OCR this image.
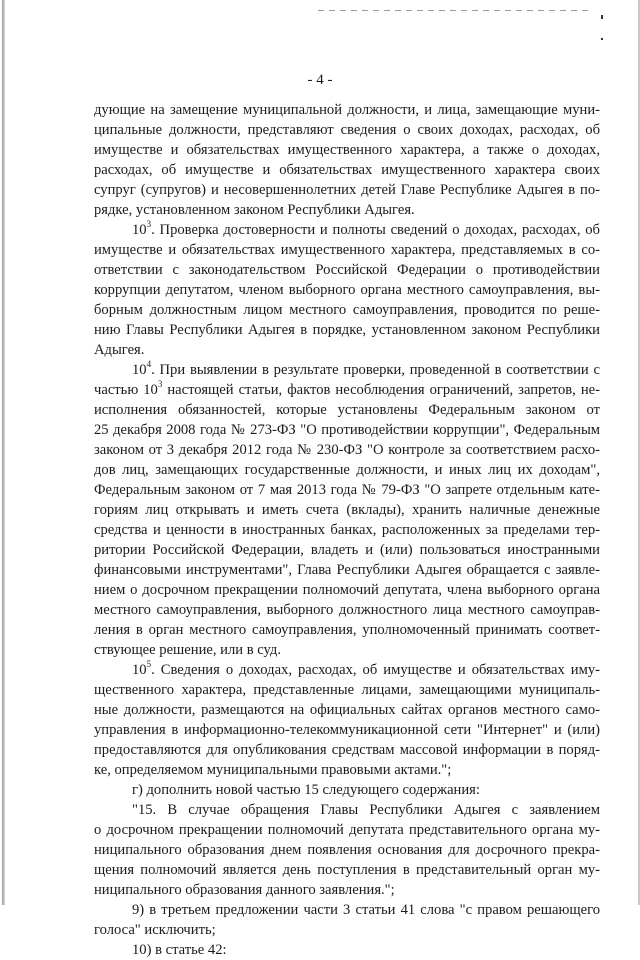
- 4 -
дующие на замещение муниципальной должности, и лица, замещающие муни-
ципальные должности, представляют сведения о своих доходах, расходах, об
имуществе и обязательствах имущественного характера, а также о доходах,
расходах, об имуществе и обязательствах имущественного характера своих
супруг (супругов) и несовершеннолетних детей Главе Республике Адыгея в по-
рядке, установленном законом Республики Адыгея.
$10^3$. Проверка достоверности и полноты сведений о доходах, расходах, об
имуществе и обязательствах имущественного характера, представляемых в со-
ответствии с законодательством Российской Федерации о противодействии
коррупции депутатом, членом выборного органа местного самоуправления, вы-
борным должностным лицом местного самоуправления, проводится по реше-
нию Главы Республики Адыгея в порядке, установленном законом Республики
Адыгея.
$10^4$. При выявлении в результате проверки, проведенной в соответствии с
частью $10^3$ настоящей статьи, фактов несоблюдения ограничений, запретов, не-
исполнения обязанностей, которые установлены Федеральным законом от
25 декабря 2008 года № 273-ФЗ "О противодействии коррупции", Федеральным
законом от 3 декабря 2012 года № 230-ФЗ "О контроле за соответствием расхо-
дов лиц, замещающих государственные должности, и иных лиц их доходам",
Федеральным законом от 7 мая 2013 года № 79-ФЗ "О запрете отдельным кате-
гориям лиц открывать и иметь счета (вклады), хранить наличные денежные
средства и ценности в иностранных банках, расположенных за пределами тер-
ритории Российской Федерации, владеть и (или) пользоваться иностранными
финансовыми инструментами", Глава Республики Адыгея обращается с заявле-
нием о досрочном прекращении полномочий депутата, члена выборного органа
местного самоуправления, выборного должностного лица местного самоуправ-
ления в орган местного самоуправления, уполномоченный принимать соответ-
ствующее решение, или в суд.
$10^5$. Сведения о доходах, расходах, об имуществе и обязательствах иму-
щественного характера, представленные лицами, замещающими муниципаль-
ные должности, размещаются на официальных сайтах органов местного само-
управления в информационно-телекоммуникационной сети "Интернет" и (или)
предоставляются для опубликования средствам массовой информации в поряд-
ке, определяемом муниципальными правовыми актами.";
г) дополнить новой частью 15 следующего содержания:
"15. В случае обращения Главы Республики Адыгея с заявлением
о досрочном прекращении полномочий депутата представительного органа му-
ниципального образования днем появления основания для досрочного прекра-
щения полномочий является день поступления в представительный орган му-
ниципального образования данного заявления.";
9) в третьем предложении части 3 статьи 41 слова "с правом решающего
голоса" исключить;
10) в статье 42:
